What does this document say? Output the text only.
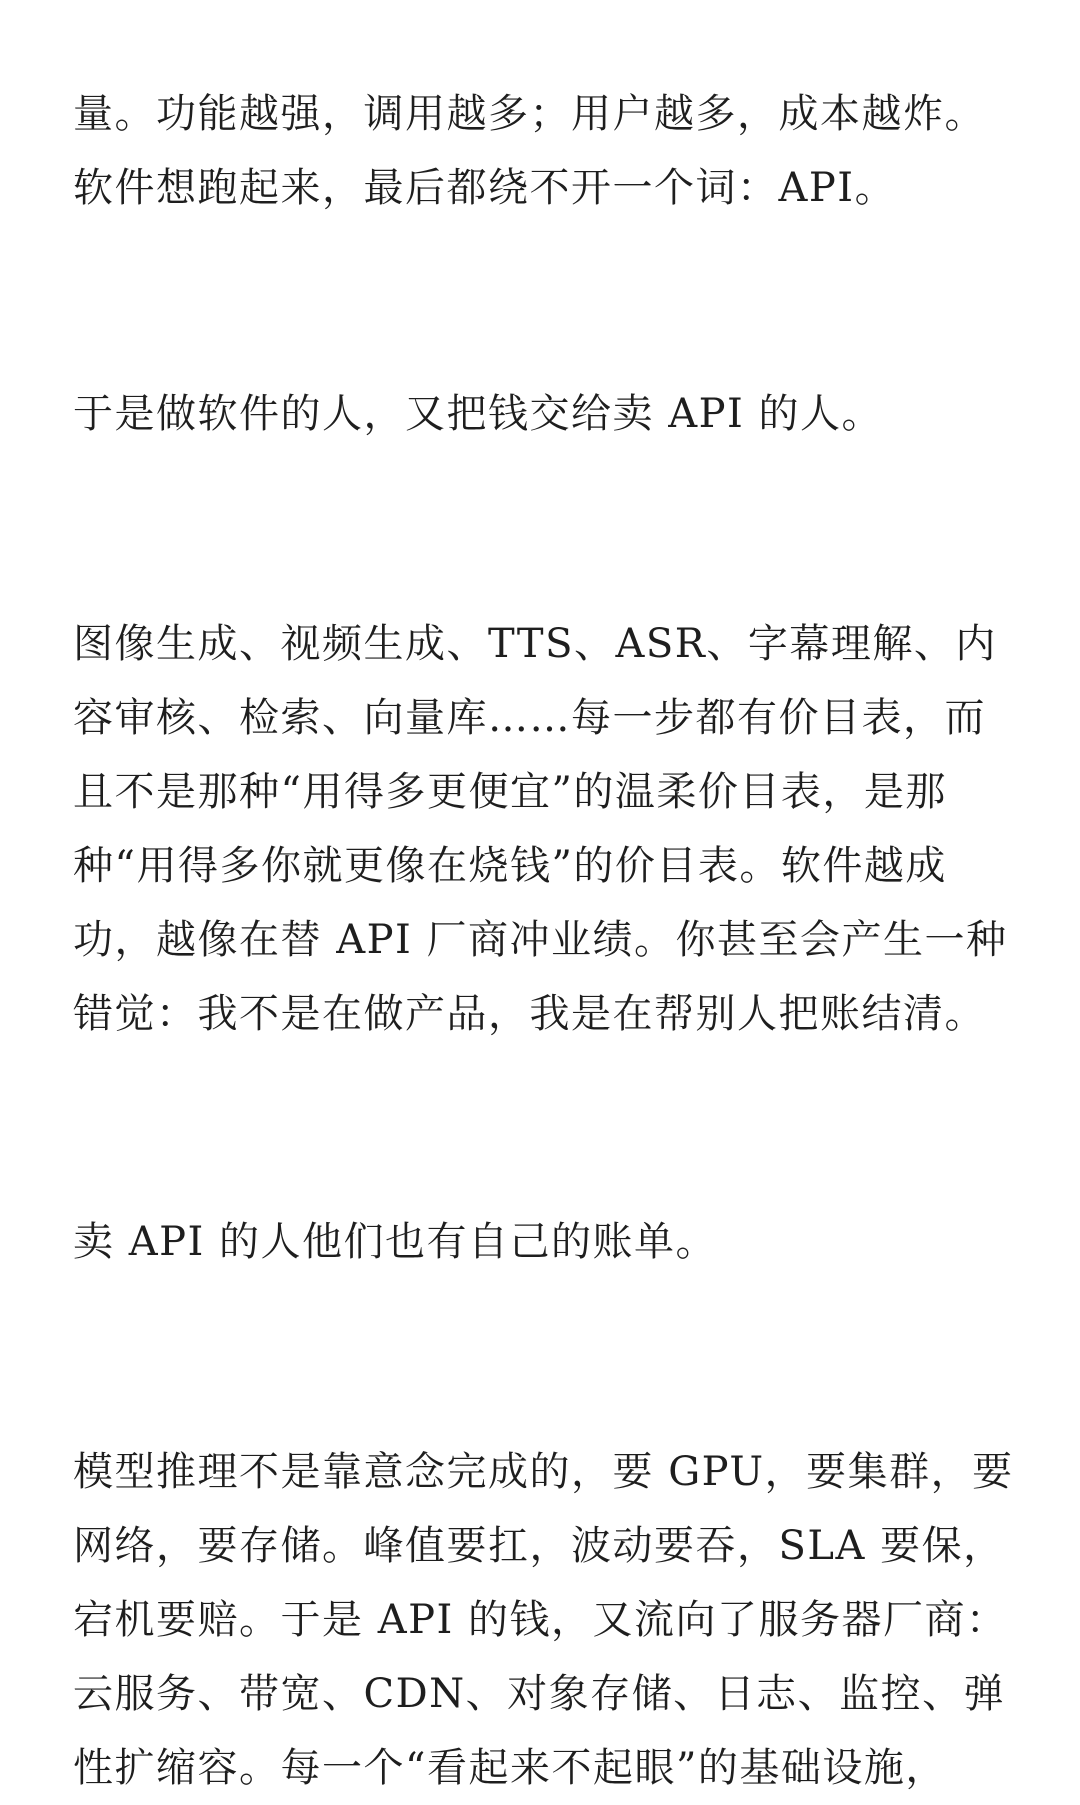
量。功能越强，调用越多；用户越多，成本越炸。
软件想跑起来，最后都绕不开一个词：API。

于是做软件的人，又把钱交给卖 API 的人。

图像生成、视频生成、TTS、ASR、字幕理解、内
容审核、检索、向量库……每一步都有价目表，而
且不是那种“用得多更便宜”的温柔价目表，是那
种“用得多你就更像在烧钱”的价目表。软件越成
功，越像在替 API 厂商冲业绩。你甚至会产生一种
错觉：我不是在做产品，我是在帮别人把账结清。

卖 API 的人他们也有自己的账单。

模型推理不是靠意念完成的，要 GPU，要集群，要
网络，要存储。峰值要扛，波动要吞，SLA 要保，
宕机要赔。于是 API 的钱，又流向了服务器厂商：
云服务、带宽、CDN、对象存储、日志、监控、弹
性扩缩容。每一个“看起来不起眼”的基础设施，
